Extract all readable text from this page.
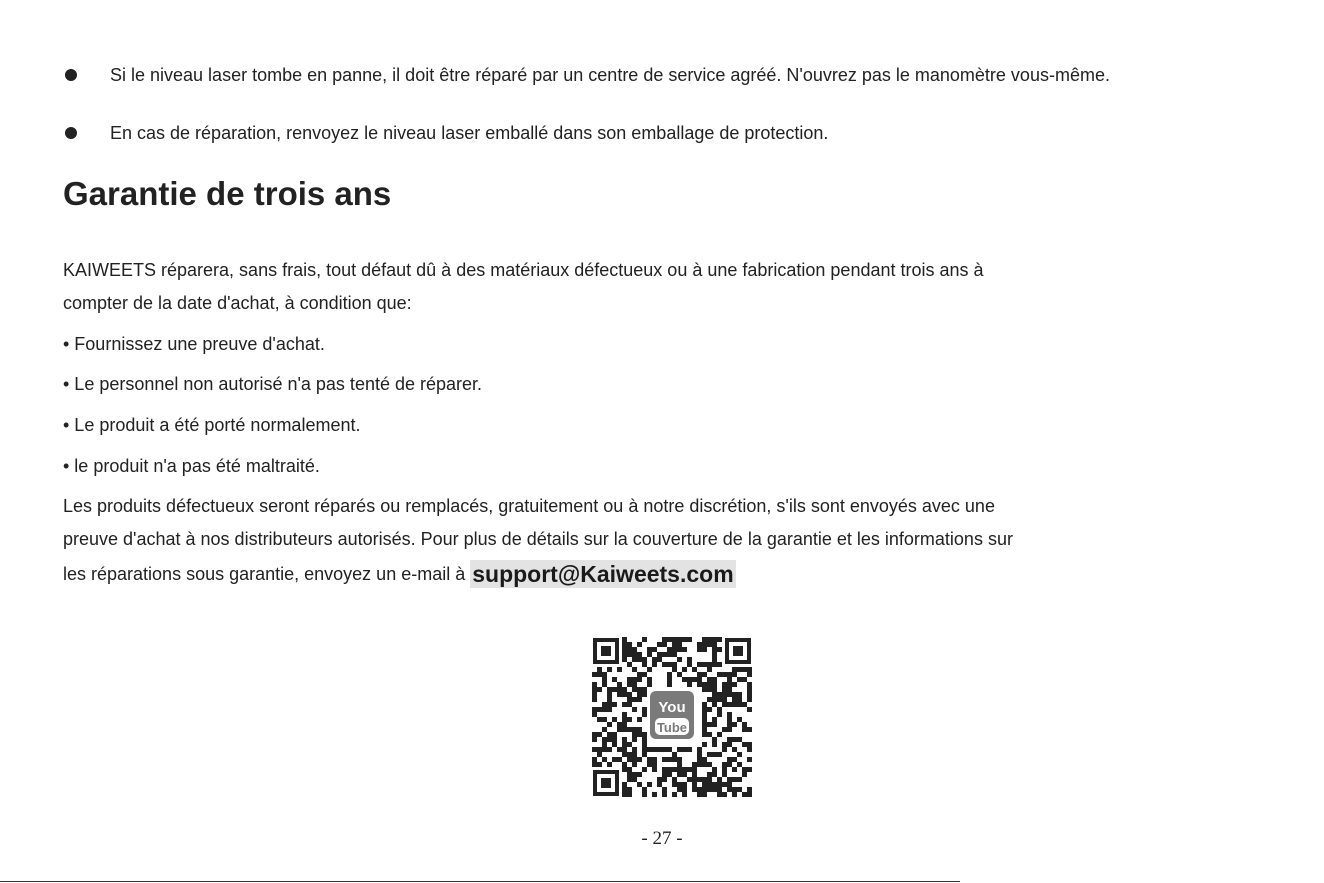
Si le niveau laser tombe en panne, il doit être réparé par un centre de service agréé. N'ouvrez pas le manomètre vous-même.
En cas de réparation, renvoyez le niveau laser emballé dans son emballage de protection.
Garantie de trois ans
KAIWEETS réparera, sans frais, tout défaut dû à des matériaux défectueux ou à une fabrication pendant trois ans à
compter de la date d'achat, à condition que:
• Fournissez une preuve d'achat.
• Le personnel non autorisé n'a pas tenté de réparer.
• Le produit a été porté normalement.
• le produit n'a pas été maltraité.
Les produits défectueux seront réparés ou remplacés, gratuitement ou à notre discrétion, s'ils sont envoyés avec une
preuve d'achat à nos distributeurs autorisés. Pour plus de détails sur la couverture de la garantie et les informations sur
les réparations sous garantie, envoyez un e-mail à support@Kaiweets.com
You
Tube
- 27 -
